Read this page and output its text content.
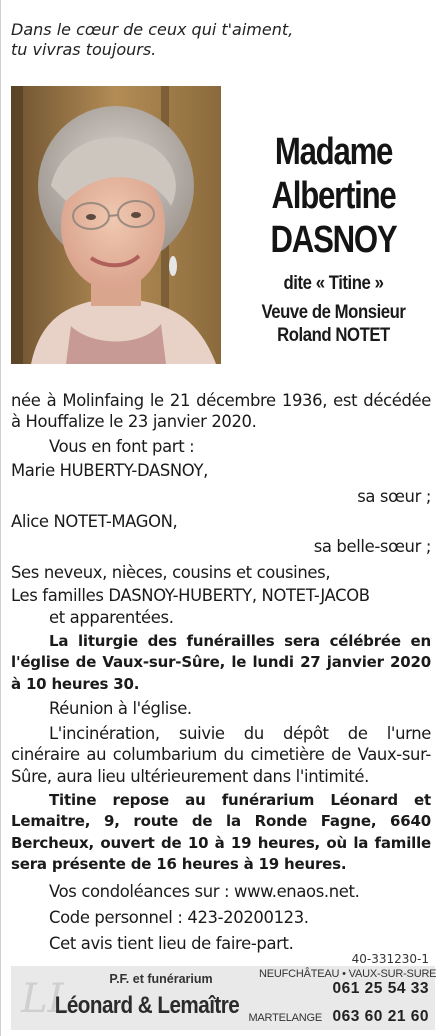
Dans le cœur de ceux qui t'aiment,
tu vivras toujours.
Madame
Albertine
DASNOY
dite « Titine »
Veuve de Monsieur
Roland NOTET

née à Molinfaing le 21 décembre 1936, est décédée à Houffalize le 23 janvier 2020.

Vous en font part :

Marie HUBERTY-DASNOY,

sa sœur ;

Alice NOTET-MAGON,

sa belle-sœur ;

Ses neveux, nièces, cousins et cousines,

Les familles DASNOY-HUBERTY, NOTET-JACOB

et apparentées.

La liturgie des funérailles sera célébrée en l'église de Vaux-sur-Sûre, le lundi 27 janvier 2020 à 10 heures 30.

Réunion à l'église.

L'incinération, suivie du dépôt de l'urne cinéraire au columbarium du cimetière de Vaux-sur-Sûre, aura lieu ultérieurement dans l'intimité.

Titine repose au funérarium Léonard et Lemaitre, 9, route de la Ronde Fagne, 6640 Bercheux, ouvert de 10 à 19 heures, où la famille sera présente de 16 heures à 19 heures.

Vos condoléances sur : www.enaos.net.

Code personnel : 423-20200123.

Cet avis tient lieu de faire-part.

40-331230-1
LL	P.F. et funérarium
Léonard & Lemaître
NEUFCHÂTEAU • VAUX-SUR-SURE
061 25 54 33
MARTELANGE 063 60 21 60
